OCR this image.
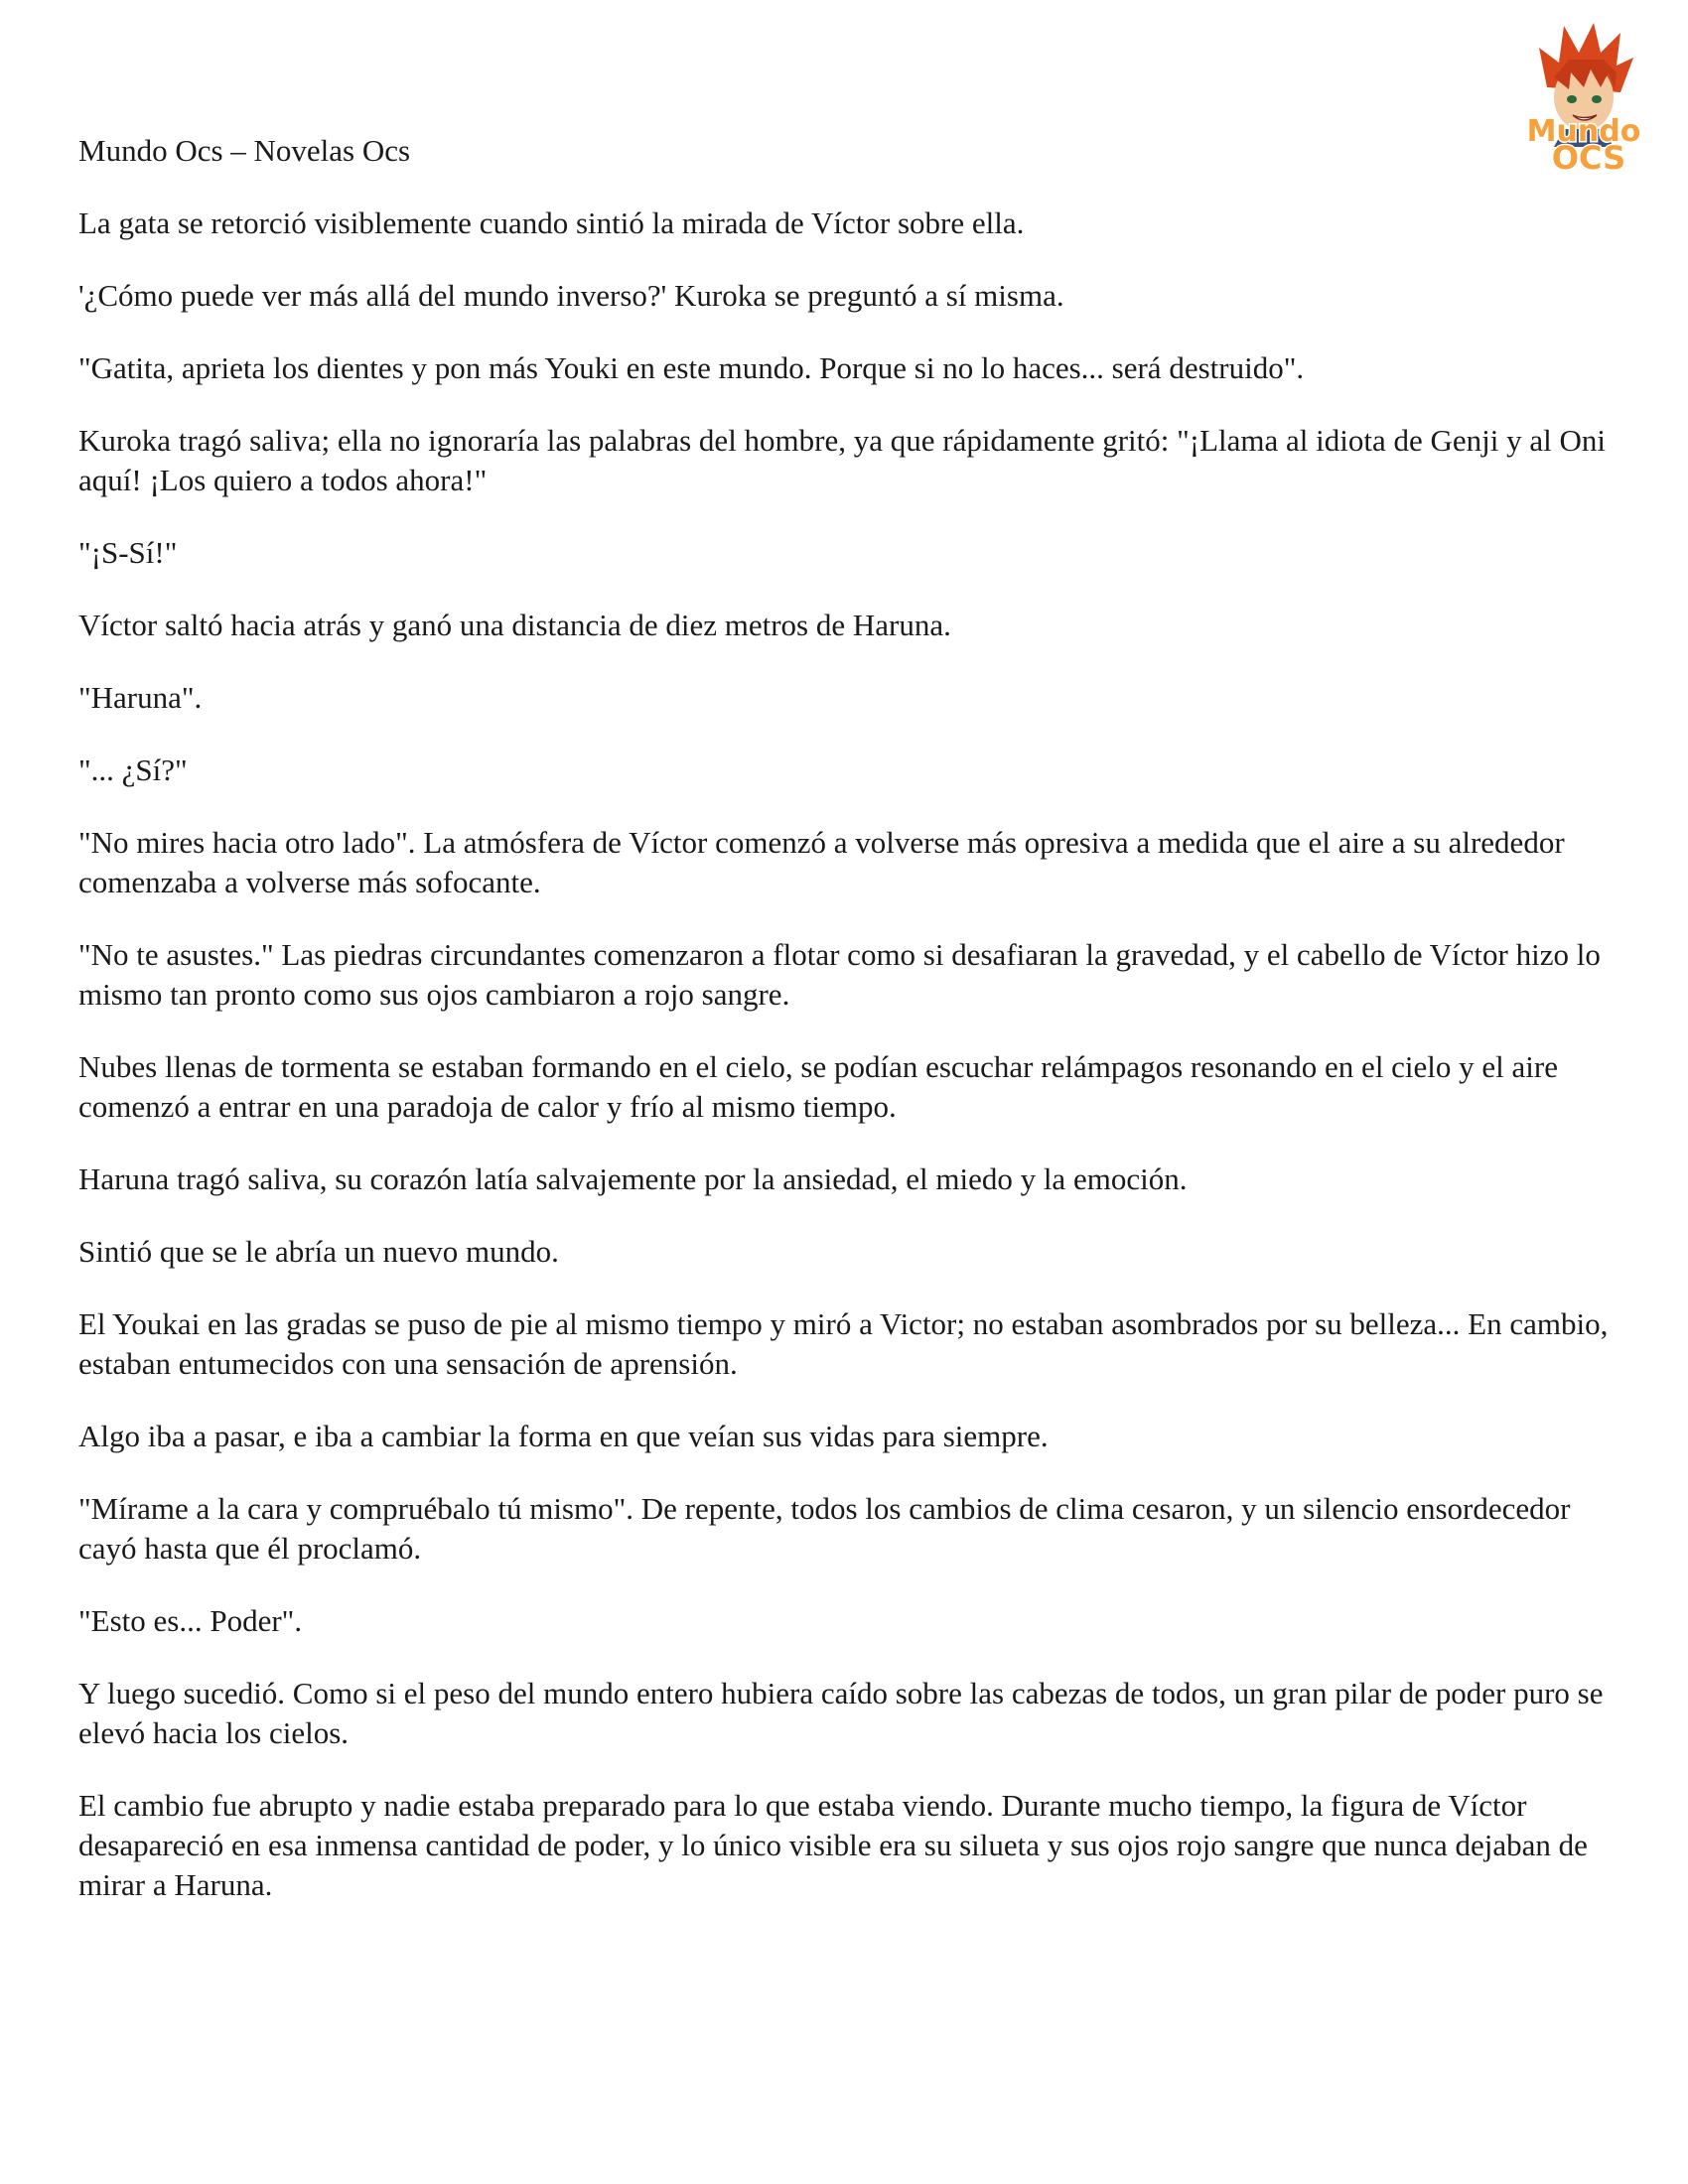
Mundo
OCS
Mundo Ocs – Novelas Ocs

La gata se retorció visiblemente cuando sintió la mirada de Víctor sobre ella.

'¿Cómo puede ver más allá del mundo inverso?' Kuroka se preguntó a sí misma.

"Gatita, aprieta los dientes y pon más Youki en este mundo. Porque si no lo haces... será destruido".

Kuroka tragó saliva; ella no ignoraría las palabras del hombre, ya que rápidamente gritó: "¡Llama al idiota de Genji y al Oni aquí! ¡Los quiero a todos ahora!"

"¡S-Sí!"

Víctor saltó hacia atrás y ganó una distancia de diez metros de Haruna.

"Haruna".

"... ¿Sí?"

"No mires hacia otro lado". La atmósfera de Víctor comenzó a volverse más opresiva a medida que el aire a su alrededor comenzaba a volverse más sofocante.

"No te asustes." Las piedras circundantes comenzaron a flotar como si desafiaran la gravedad, y el cabello de Víctor hizo lo mismo tan pronto como sus ojos cambiaron a rojo sangre.

Nubes llenas de tormenta se estaban formando en el cielo, se podían escuchar relámpagos resonando en el cielo y el aire comenzó a entrar en una paradoja de calor y frío al mismo tiempo.

Haruna tragó saliva, su corazón latía salvajemente por la ansiedad, el miedo y la emoción.

Sintió que se le abría un nuevo mundo.

El Youkai en las gradas se puso de pie al mismo tiempo y miró a Victor; no estaban asombrados por su belleza... En cambio, estaban entumecidos con una sensación de aprensión.

Algo iba a pasar, e iba a cambiar la forma en que veían sus vidas para siempre.

"Mírame a la cara y compruébalo tú mismo". De repente, todos los cambios de clima cesaron, y un silencio ensordecedor cayó hasta que él proclamó.

"Esto es... Poder".

Y luego sucedió. Como si el peso del mundo entero hubiera caído sobre las cabezas de todos, un gran pilar de poder puro se elevó hacia los cielos.

El cambio fue abrupto y nadie estaba preparado para lo que estaba viendo. Durante mucho tiempo, la figura de Víctor desapareció en esa inmensa cantidad de poder, y lo único visible era su silueta y sus ojos rojo sangre que nunca dejaban de mirar a Haruna.
